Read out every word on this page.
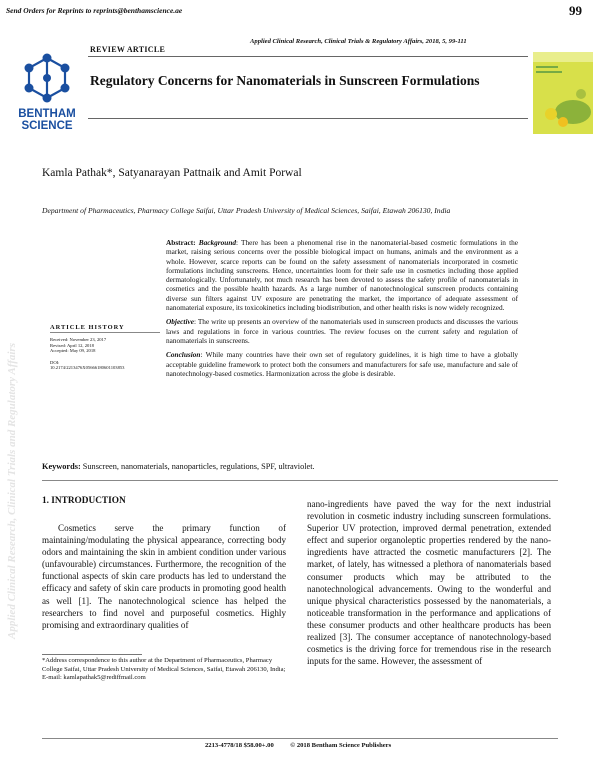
Send Orders for Reprints to reprints@benthamscience.ae	99
Applied Clinical Research, Clinical Trials & Regulatory Affairs, 2018, 5, 99-111
REVIEW ARTICLE
BENTHAM
SCIENCE
Regulatory Concerns for Nanomaterials in Sunscreen Formulations
Kamla Pathak*, Satyanarayan Pattnaik and Amit Porwal
Department of Pharmaceutics, Pharmacy College Saifai, Uttar Pradesh University of Medical Sciences, Saifai, Etawah 206130, India
Applied Clinical Research, Clinical Trials and Regulatory Affairs
ARTICLE HISTORY
Received: November 23, 2017
Revised: April 12, 2018
Accepted: May 09, 2018
DOI:
10.2174/2213476X05666180601103853

Abstract: Background: There has been a phenomenal rise in the nanomaterial-based cosmetic formulations in the market, raising serious concerns over the possible biological impact on humans, animals and the environment as a whole. However, scarce reports can be found on the safety assessment of nanomaterials incorporated in cosmetic formulations including sunscreens. Hence, uncertainties loom for their safe use in cosmetics including those applied dermatologically. Unfortunately, not much research has been devoted to assess the safety profile of nanomaterials in cosmetics and the possible health hazards. As a large number of nanotechnological sunscreen products containing diverse sun filters against UV exposure are penetrating the market, the importance of adequate assessment of nanomaterial exposure, its toxicokinetics including biodistribution, and other health risks is now widely recognized.

Objective: The write up presents an overview of the nanomaterials used in sunscreen products and discusses the various laws and regulations in force in various countries. The review focuses on the current safety and regulation of nanomaterials in sunscreens.

Conclusion: While many countries have their own set of regulatory guidelines, it is high time to have a globally acceptable guideline framework to protect both the consumers and manufacturers for safe use, manufacture and sale of nanotechnology-based cosmetics. Harmonization across the globe is desirable.

Keywords: Sunscreen, nanomaterials, nanoparticles, regulations, SPF, ultraviolet.
1. INTRODUCTION
Cosmetics serve the primary function of maintaining/modulating the physical appearance, correcting body odors and maintaining the skin in ambient condition under various (unfavourable) circumstances. Furthermore, the recognition of the functional aspects of skin care products has led to understand the efficacy and safety of skin care products in promoting good health as well [1]. The nanotechnological science has helped the researchers to find novel and purposeful cosmetics. Highly promising and extraordinary qualities of
nano-ingredients have paved the way for the next industrial revolution in cosmetic industry including sunscreen formulations. Superior UV protection, improved dermal penetration, extended effect and superior organoleptic properties rendered by the nano-ingredients have attracted the cosmetic manufacturers [2]. The market, of lately, has witnessed a plethora of nanomaterials based consumer products which may be attributed to the nanotechnological advancements. Owing to the wonderful and unique physical characteristics possessed by the nanomaterials, a noticeable transformation in the performance and applications of these consumer products and other healthcare products has been realized [3]. The consumer acceptance of nanotechnology-based cosmetics is the driving force for tremendous rise in the research inputs for the same. However, the assessment of
*Address correspondence to this author at the Department of Pharmaceutics, Pharmacy College Saifai, Uttar Pradesh University of Medical Sciences, Saifai, Etawah 206130, India; E-mail: kamlapathak5@rediffmail.com
2213-4778/18 $58.00+.00          © 2018 Bentham Science Publishers
